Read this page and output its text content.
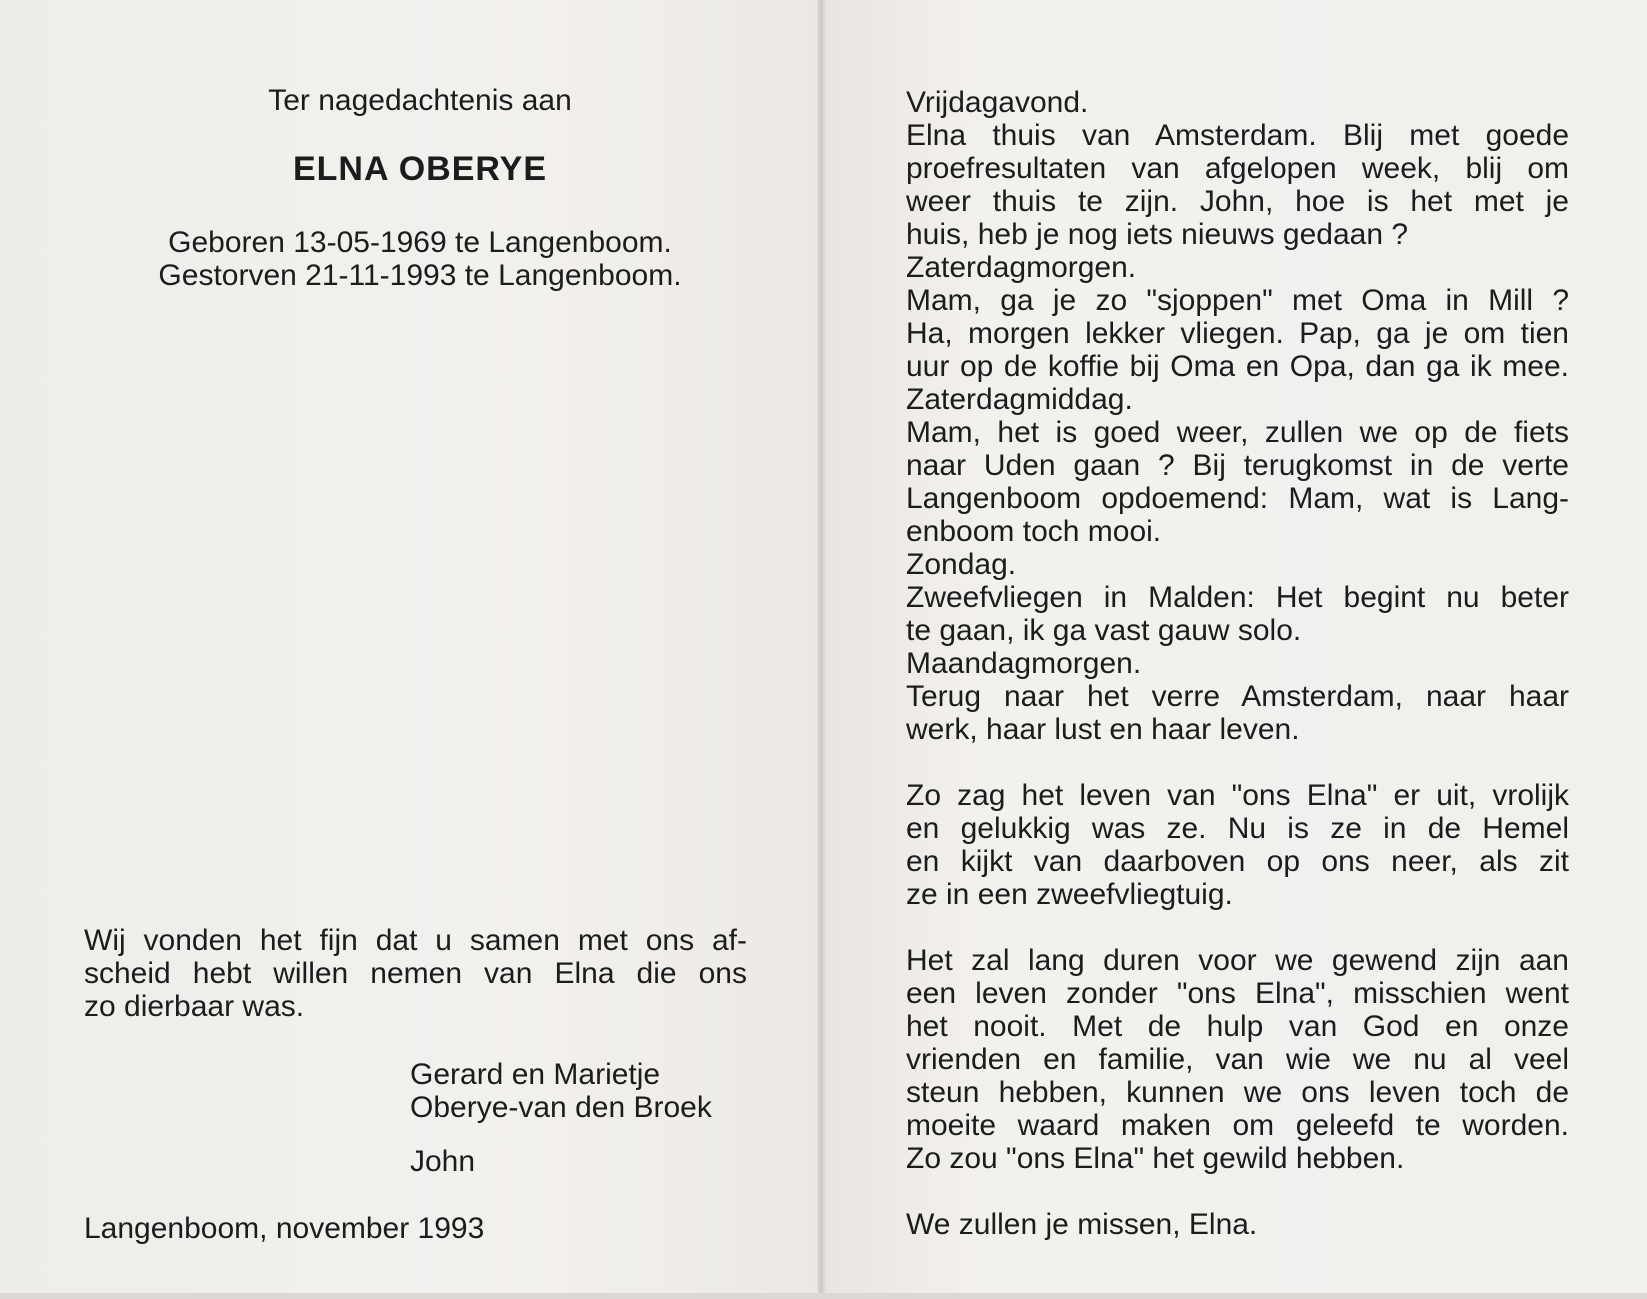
Ter nagedachtenis aan

ELNA OBERYE

Geboren 13-05-1969 te Langenboom.

Gestorven 21-11-1993 te Langenboom.

Wij vonden het fijn dat u samen met ons af-
scheid hebt willen nemen van Elna die ons
zo dierbaar was.

Gerard en Marietje
Oberye-van den Broek
John
Langenboom, november 1993
Vrijdagavond.
Elna thuis van Amsterdam. Blij met goede
proefresultaten van afgelopen week, blij om
weer thuis te zijn. John, hoe is het met je
huis, heb je nog iets nieuws gedaan ?
Zaterdagmorgen.
Mam, ga je zo "sjoppen" met Oma in Mill ?
Ha, morgen lekker vliegen. Pap, ga je om tien
uur op de koffie bij Oma en Opa, dan ga ik mee.
Zaterdagmiddag.
Mam, het is goed weer, zullen we op de fiets
naar Uden gaan ? Bij terugkomst in de verte
Langenboom opdoemend: Mam, wat is Lang-
enboom toch mooi.
Zondag.
Zweefvliegen in Malden: Het begint nu beter
te gaan, ik ga vast gauw solo.
Maandagmorgen.
Terug naar het verre Amsterdam, naar haar
werk, haar lust en haar leven.
Zo zag het leven van "ons Elna" er uit, vrolijk
en gelukkig was ze. Nu is ze in de Hemel
en kijkt van daarboven op ons neer, als zit
ze in een zweefvliegtuig.
Het zal lang duren voor we gewend zijn aan
een leven zonder "ons Elna", misschien went
het nooit. Met de hulp van God en onze
vrienden en familie, van wie we nu al veel
steun hebben, kunnen we ons leven toch de
moeite waard maken om geleefd te worden.
Zo zou "ons Elna" het gewild hebben.
We zullen je missen, Elna.
